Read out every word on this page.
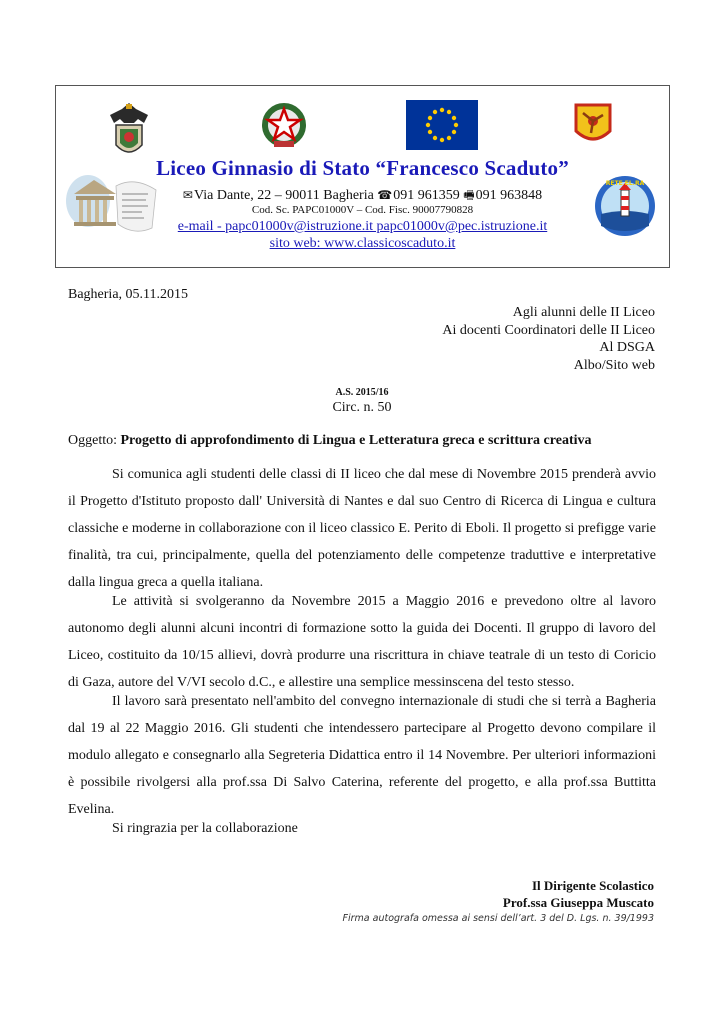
RETE EL.RA
Liceo Ginnasio di Stato “Francesco Scaduto”
✉Via Dante, 22 – 90011 Bagheria ☎091 961359 🖷091 963848
Cod. Sc. PAPC01000V – Cod. Fisc. 90007790828
e-mail - papc01000v@istruzione.it papc01000v@pec.istruzione.it
sito web: www.classicoscaduto.it
Bagheria, 05.11.2015
Agli alunni delle II Liceo
Ai docenti Coordinatori delle II Liceo
Al DSGA
Albo/Sito web
A.S. 2015/16
Circ. n. 50
Oggetto: Progetto di approfondimento di Lingua e Letteratura greca e scrittura creativa

Si comunica agli studenti delle classi di II liceo che dal mese di Novembre 2015 prenderà avvio il Progetto d'Istituto proposto dall' Università di Nantes e dal suo Centro di Ricerca di Lingua e cultura classiche e moderne in collaborazione con il liceo classico E. Perito di Eboli. Il progetto si prefigge varie finalità, tra cui, principalmente, quella del potenziamento delle competenze traduttive e interpretative dalla lingua greca a quella italiana.

Le attività si svolgeranno da Novembre 2015 a Maggio 2016 e prevedono oltre al lavoro autonomo degli alunni alcuni incontri di formazione sotto la guida dei Docenti. Il gruppo di lavoro del Liceo, costituito da 10/15 allievi, dovrà produrre una riscrittura in chiave teatrale di un testo di Coricio di Gaza, autore del V/VI secolo d.C., e allestire una semplice messinscena del testo stesso.

Il lavoro sarà presentato nell'ambito del convegno internazionale di studi che si terrà a Bagheria dal 19 al 22 Maggio 2016. Gli studenti che intendessero partecipare al Progetto devono compilare il modulo allegato e consegnarlo alla Segreteria Didattica entro il 14 Novembre. Per ulteriori informazioni è possibile rivolgersi alla prof.ssa Di Salvo Caterina, referente del progetto, e alla prof.ssa Buttitta Evelina.

Si ringrazia per la collaborazione

Il Dirigente Scolastico
Prof.ssa Giuseppa Muscato
Firma autografa omessa ai sensi dell’art. 3 del D. Lgs. n. 39/1993
